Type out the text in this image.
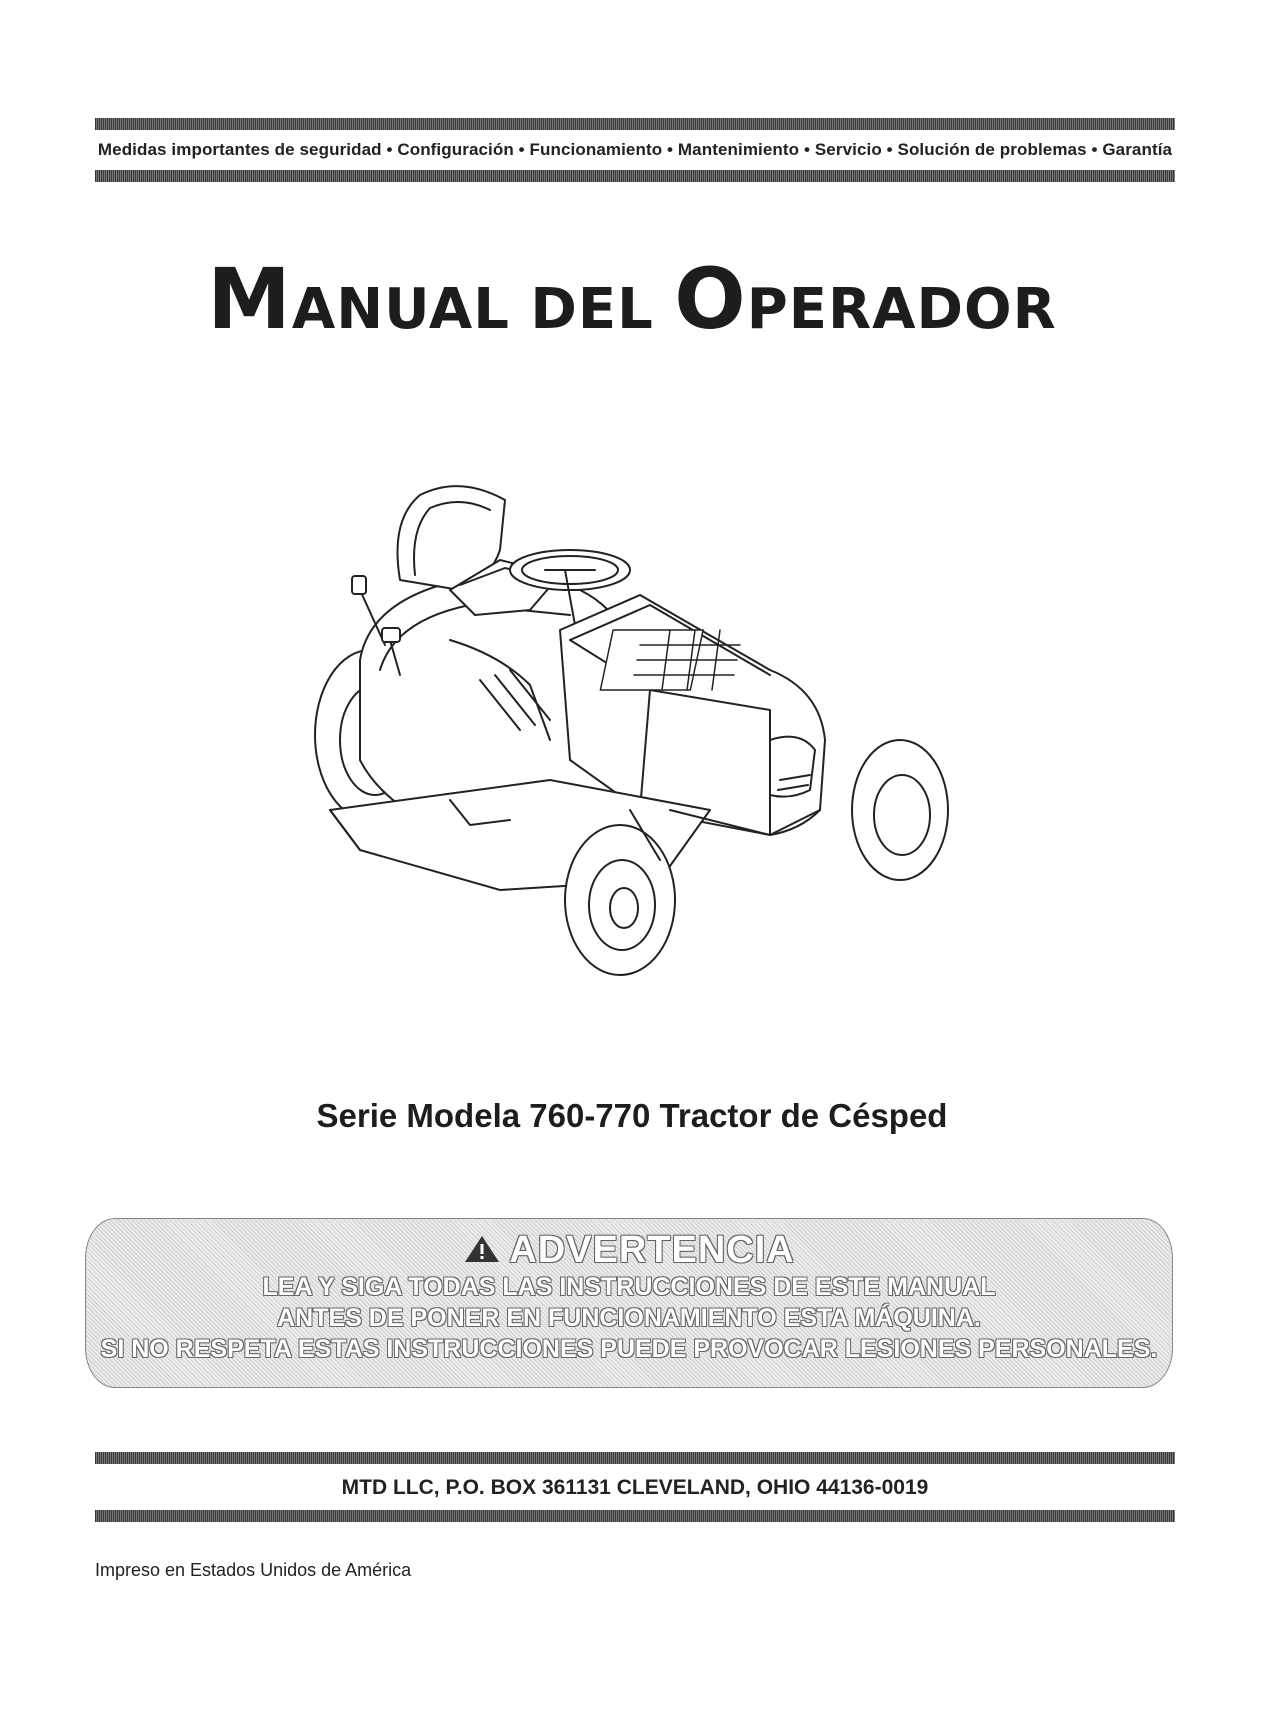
Medidas importantes de seguridad • Configuración • Funcionamiento • Mantenimiento • Servicio • Solución de problemas • Garantía
MANUAL DEL OPERADOR
Serie Modela 760-770 Tractor de Césped
ADVERTENCIA
LEA Y SIGA TODAS LAS INSTRUCCIONES DE ESTE MANUAL
ANTES DE PONER EN FUNCIONAMIENTO ESTA MÁQUINA.
SI NO RESPETA ESTAS INSTRUCCIONES PUEDE PROVOCAR LESIONES PERSONALES.
MTD LLC, P.O. BOX 361131 CLEVELAND, OHIO 44136-0019
Impreso en Estados Unidos de América
